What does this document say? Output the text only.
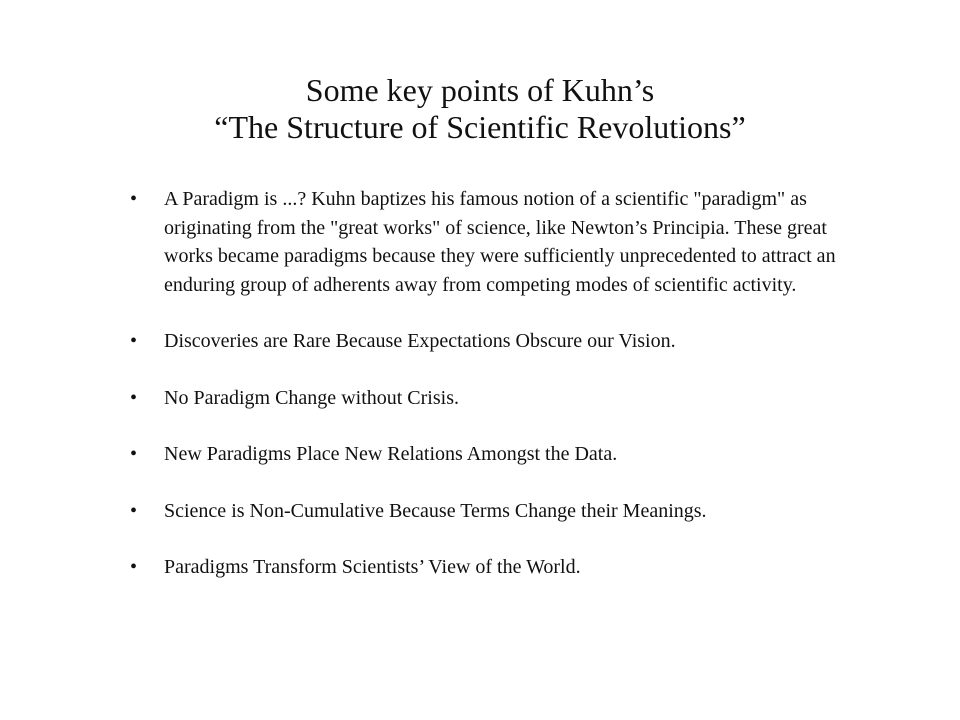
Some key points of Kuhn’s
“The Structure of Scientific Revolutions”
• A Paradigm is ...? Kuhn baptizes his famous notion of a scientific "paradigm" as originating from the "great works" of science, like Newton’s Principia. These great works became paradigms because they were sufficiently unprecedented to attract an enduring group of adherents away from competing modes of scientific activity.
• Discoveries are Rare Because Expectations Obscure our Vision.
• No Paradigm Change without Crisis.
• New Paradigms Place New Relations Amongst the Data.
• Science is Non-Cumulative Because Terms Change their Meanings.
• Paradigms Transform Scientists’ View of the World.
